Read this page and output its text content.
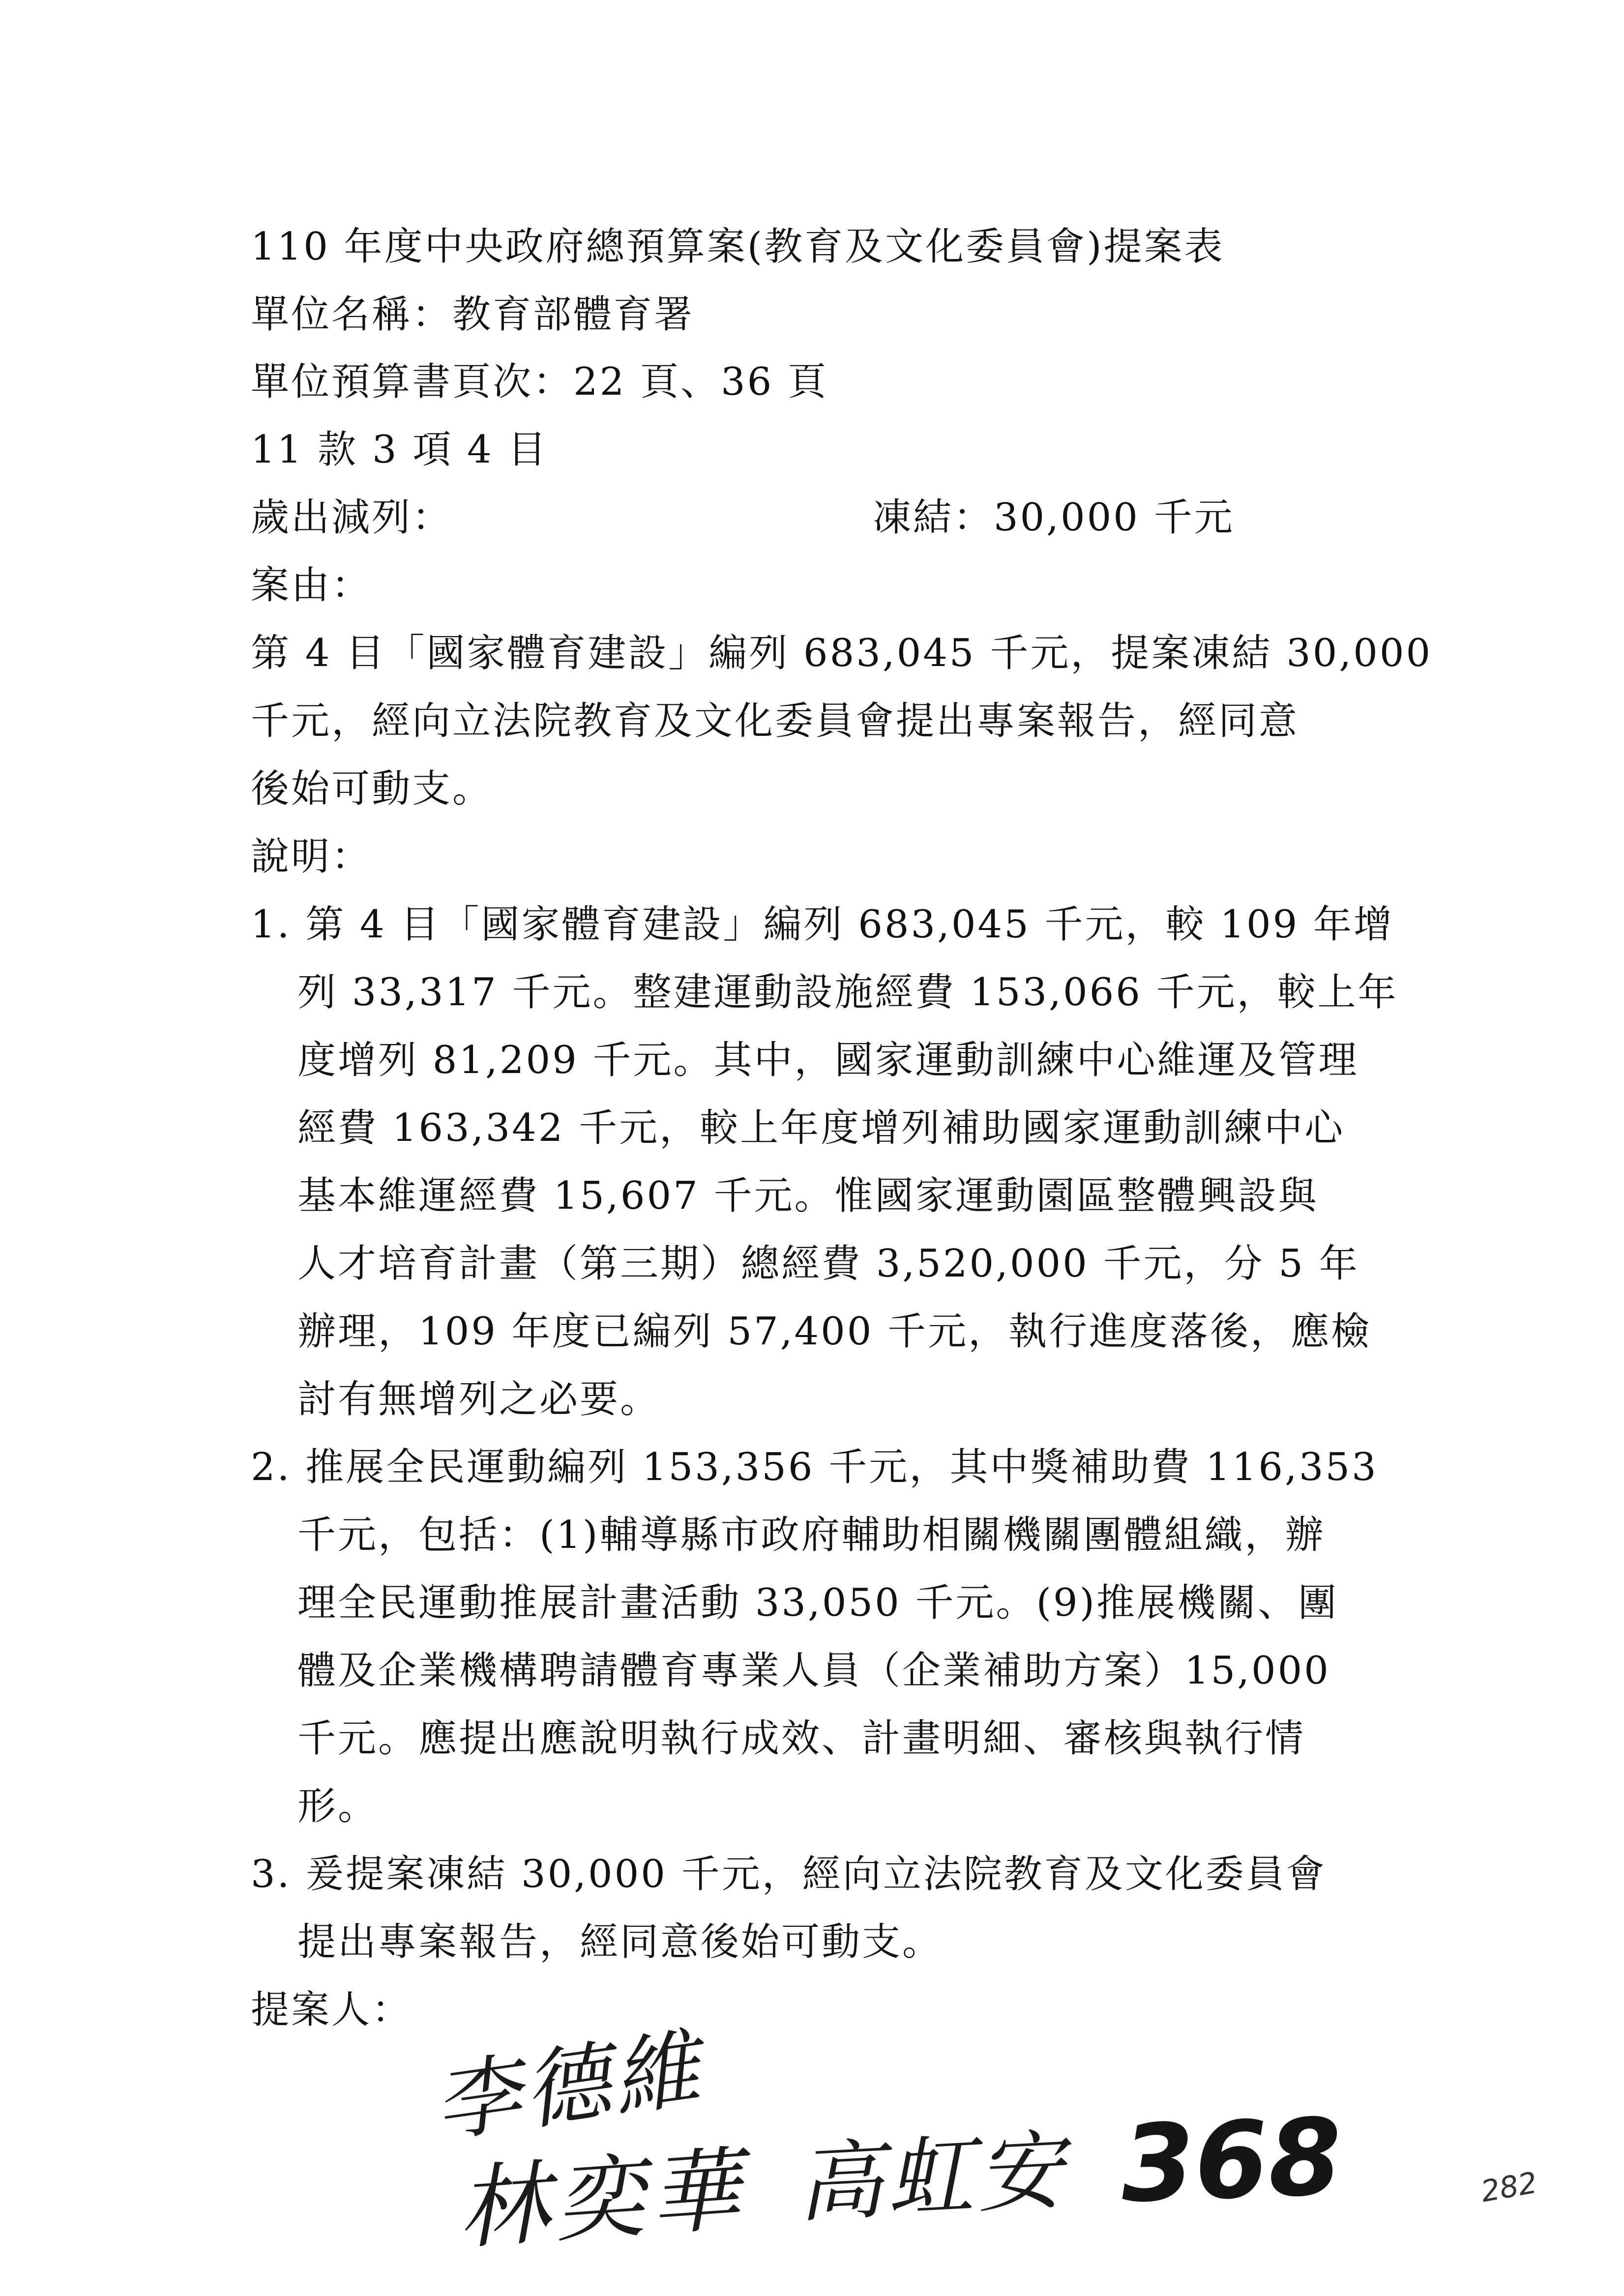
110 年度中央政府總預算案(教育及文化委員會)提案表
單位名稱：教育部體育署
單位預算書頁次：22 頁、36 頁
11 款 3 項 4 目
歲出減列：	凍結：30,000 千元
案由：
第 4 目「國家體育建設」編列 683,045 千元，提案凍結 30,000
千元，經向立法院教育及文化委員會提出專案報告，經同意
後始可動支。
說明：
1. 第 4 目「國家體育建設」編列 683,045 千元，較 109 年增
列 33,317 千元。整建運動設施經費 153,066 千元，較上年
度增列 81,209 千元。其中，國家運動訓練中心維運及管理
經費 163,342 千元，較上年度增列補助國家運動訓練中心
基本維運經費 15,607 千元。惟國家運動園區整體興設與
人才培育計畫（第三期）總經費 3,520,000 千元，分 5 年
辦理，109 年度已編列 57,400 千元，執行進度落後，應檢
討有無增列之必要。
2. 推展全民運動編列 153,356 千元，其中獎補助費 116,353
千元，包括：(1)輔導縣市政府輔助相關機關團體組織，辦
理全民運動推展計畫活動 33,050 千元。(9)推展機關、團
體及企業機構聘請體育專業人員（企業補助方案）15,000
千元。應提出應說明執行成效、計畫明細、審核與執行情
形。
3. 爰提案凍結 30,000 千元，經向立法院教育及文化委員會
提出專案報告，經同意後始可動支。
提案人：
李德維
林奕華 高虹安 368	282
